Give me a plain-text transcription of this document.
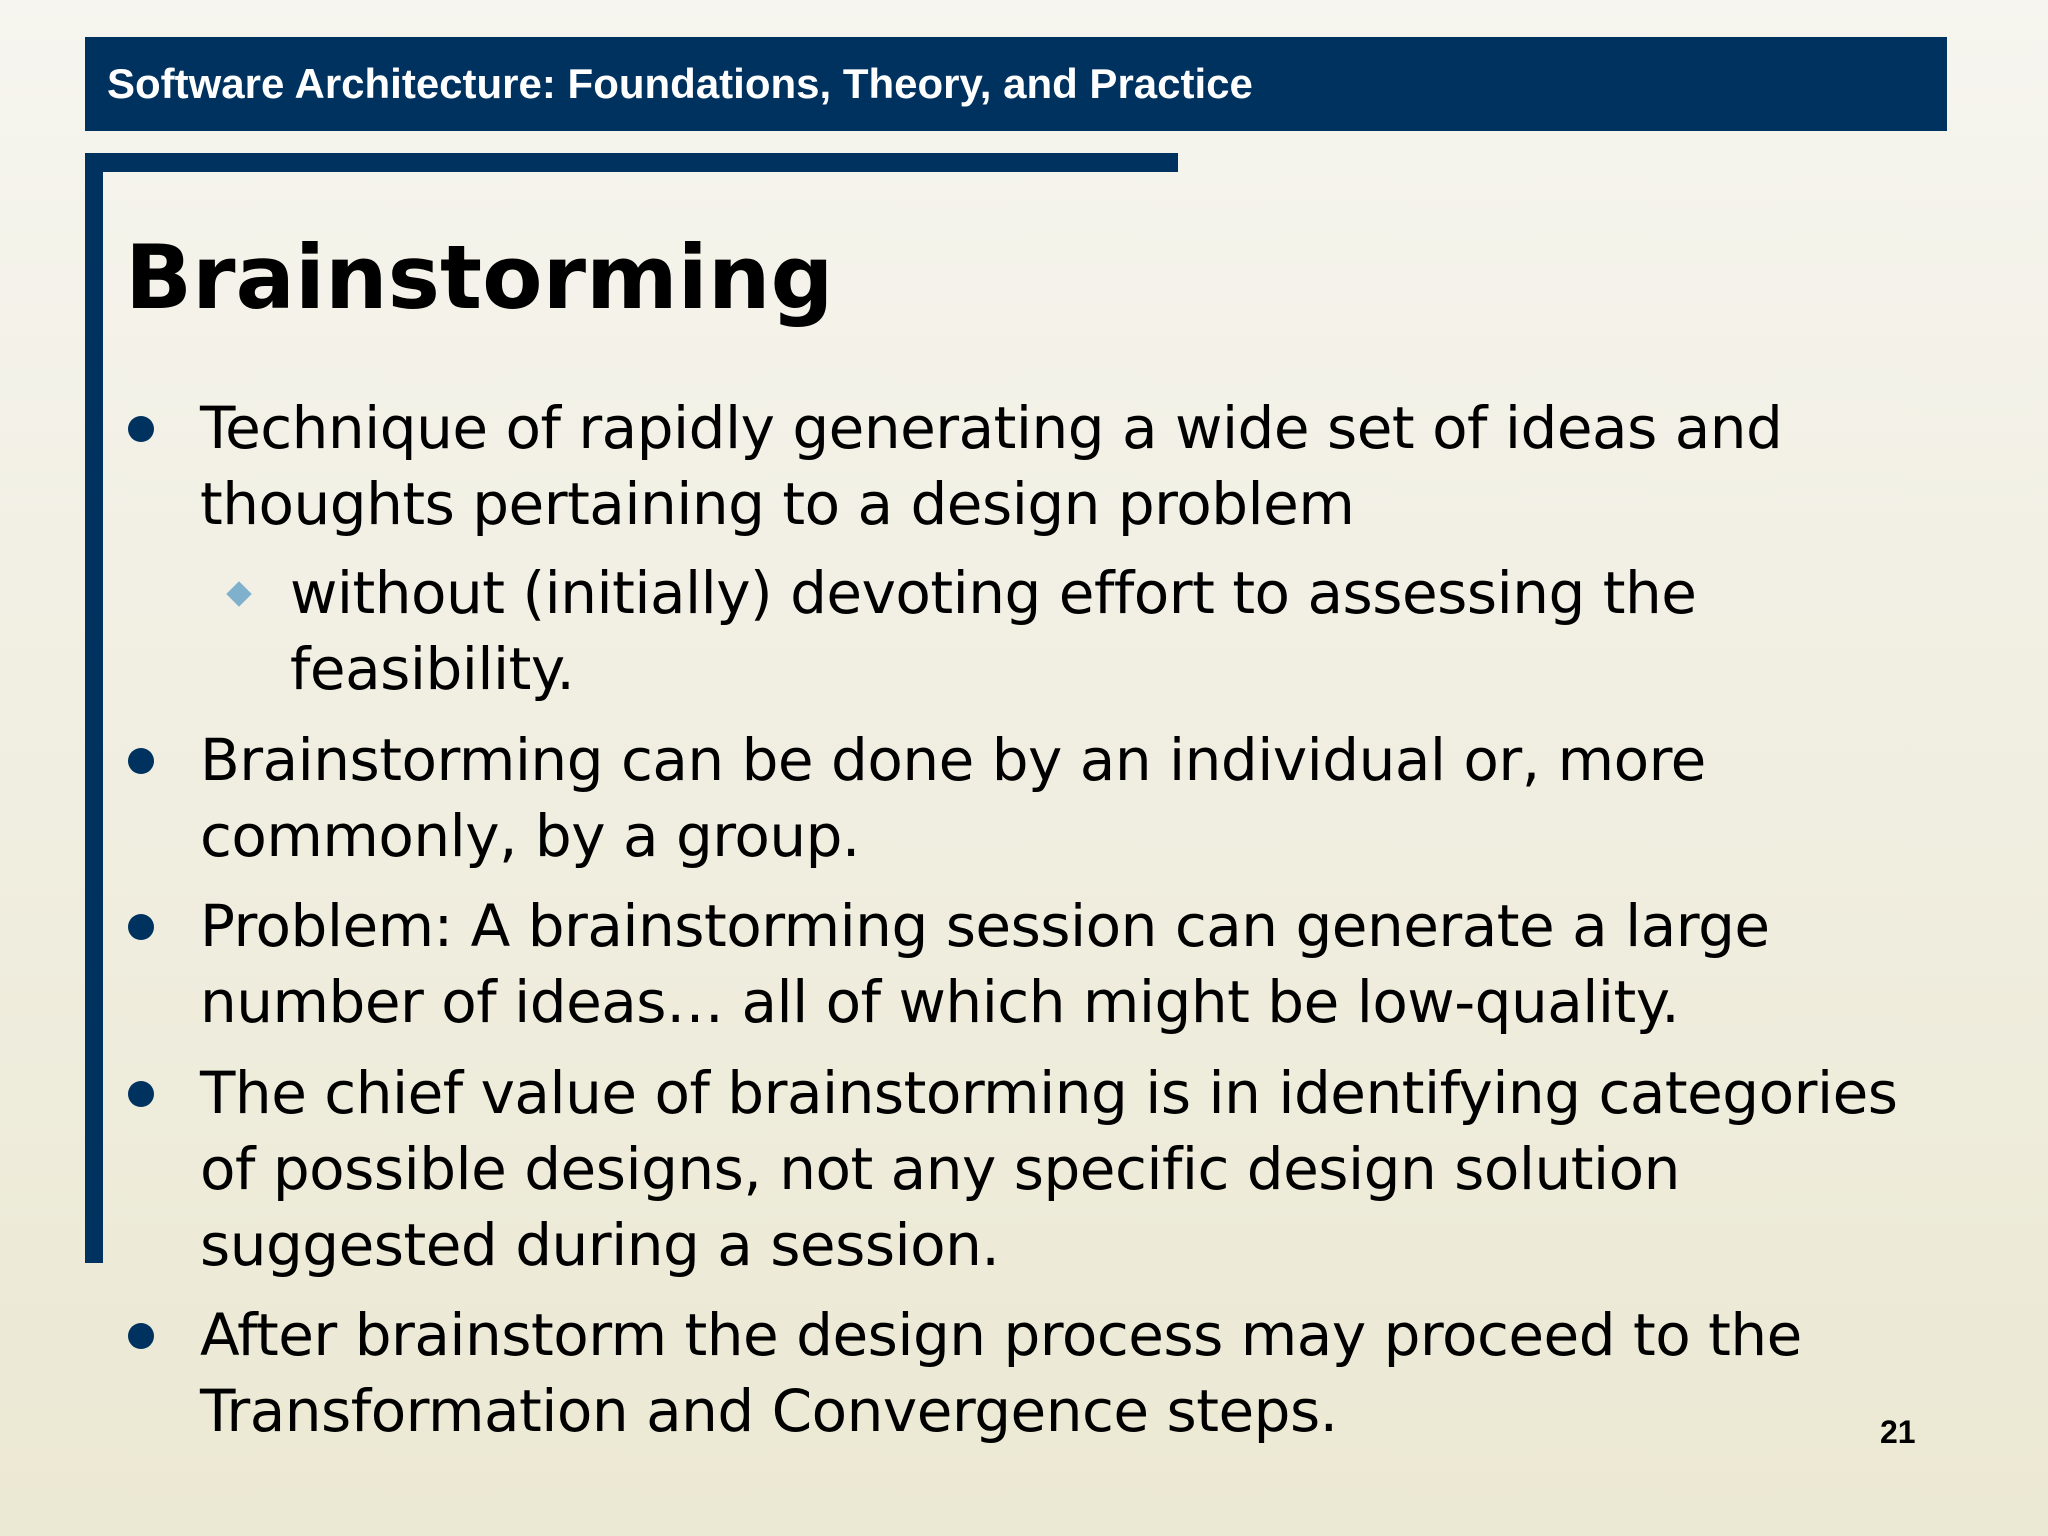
Software Architecture: Foundations, Theory, and Practice
Brainstorming
Technique of rapidly generating a wide set of ideas and thoughts pertaining to a design problem
without (initially) devoting effort to assessing the feasibility.
Brainstorming can be done by an individual or, more commonly, by a group.
Problem: A brainstorming session can generate a large number of ideas… all of which might be low-quality.
The chief value of brainstorming is in identifying categories of possible designs, not any specific design solution suggested during a session.
After brainstorm the design process may proceed to the Transformation and Convergence steps.	21
